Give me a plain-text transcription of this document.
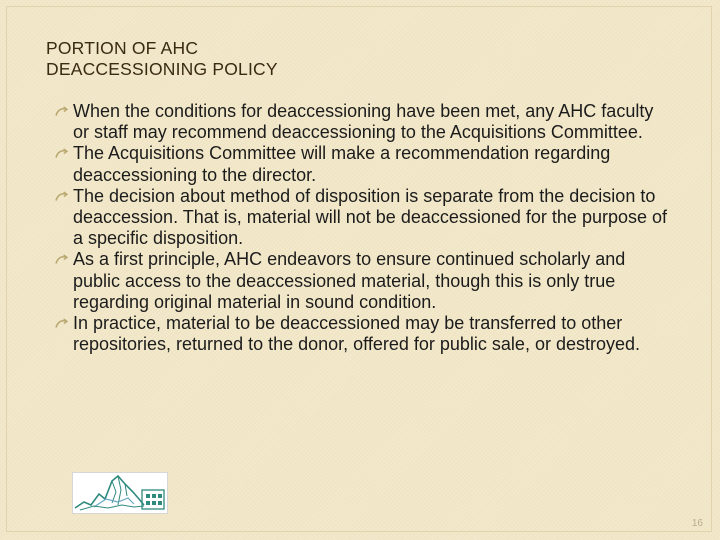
PORTION OF AHC
DEACCESSIONING POLICY
When the conditions for deaccessioning have been met, any AHC faculty or staff may recommend deaccessioning to the Acquisitions Committee.
The Acquisitions Committee will make a recommendation regarding deaccessioning to the director.
The decision about method of disposition is separate from the decision to deaccession. That is, material will not be deaccessioned for the purpose of a specific disposition.
As a first principle, AHC endeavors to ensure continued scholarly and public access to the deaccessioned material, though this is only true regarding original material in sound condition.
In practice, material to be deaccessioned may be transferred to other repositories, returned to the donor, offered for public sale, or destroyed.
16
